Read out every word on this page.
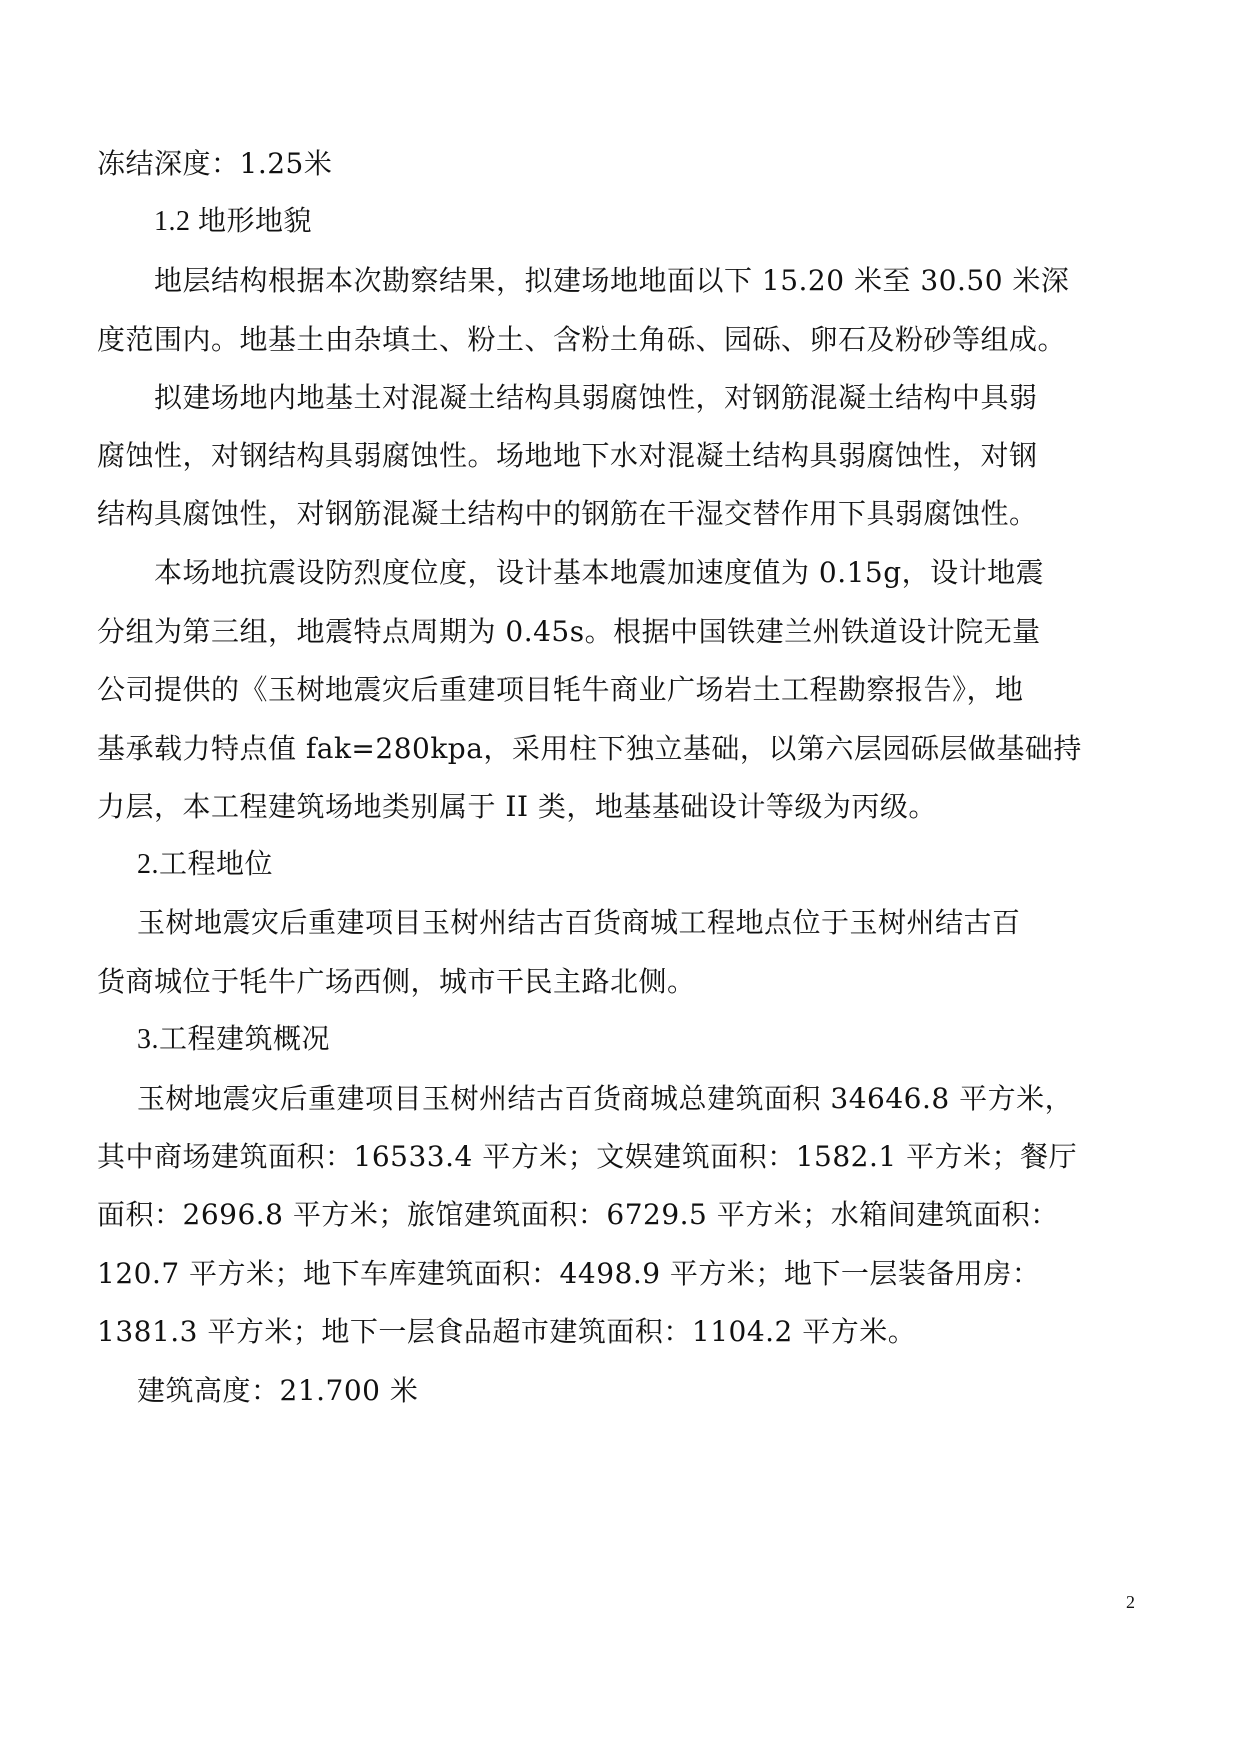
冻结深度：1.25米
1.2 地形地貌
地层结构根据本次勘察结果，拟建场地地面以下 15.20 米至 30.50 米深
度范围内。地基土由杂填土、粉土、含粉土角砾、园砾、卵石及粉砂等组成。
拟建场地内地基土对混凝土结构具弱腐蚀性，对钢筋混凝土结构中具弱
腐蚀性，对钢结构具弱腐蚀性。场地地下水对混凝土结构具弱腐蚀性，对钢
结构具腐蚀性，对钢筋混凝土结构中的钢筋在干湿交替作用下具弱腐蚀性。
本场地抗震设防烈度位度，设计基本地震加速度值为 0.15g，设计地震
分组为第三组，地震特点周期为 0.45s。根据中国铁建兰州铁道设计院无量
公司提供的《玉树地震灾后重建项目牦牛商业广场岩土工程勘察报告》，地
基承载力特点值 fak=280kpa，采用柱下独立基础，以第六层园砾层做基础持
力层，本工程建筑场地类别属于 II 类，地基基础设计等级为丙级。
2.工程地位
玉树地震灾后重建项目玉树州结古百货商城工程地点位于玉树州结古百
货商城位于牦牛广场西侧，城市干民主路北侧。
3.工程建筑概况
玉树地震灾后重建项目玉树州结古百货商城总建筑面积 34646.8 平方米，
其中商场建筑面积：16533.4 平方米；文娱建筑面积：1582.1 平方米；餐厅
面积：2696.8 平方米；旅馆建筑面积：6729.5 平方米；水箱间建筑面积：
120.7 平方米；地下车库建筑面积：4498.9 平方米；地下一层装备用房：
1381.3 平方米；地下一层食品超市建筑面积：1104.2 平方米。
建筑高度：21.700 米
2
